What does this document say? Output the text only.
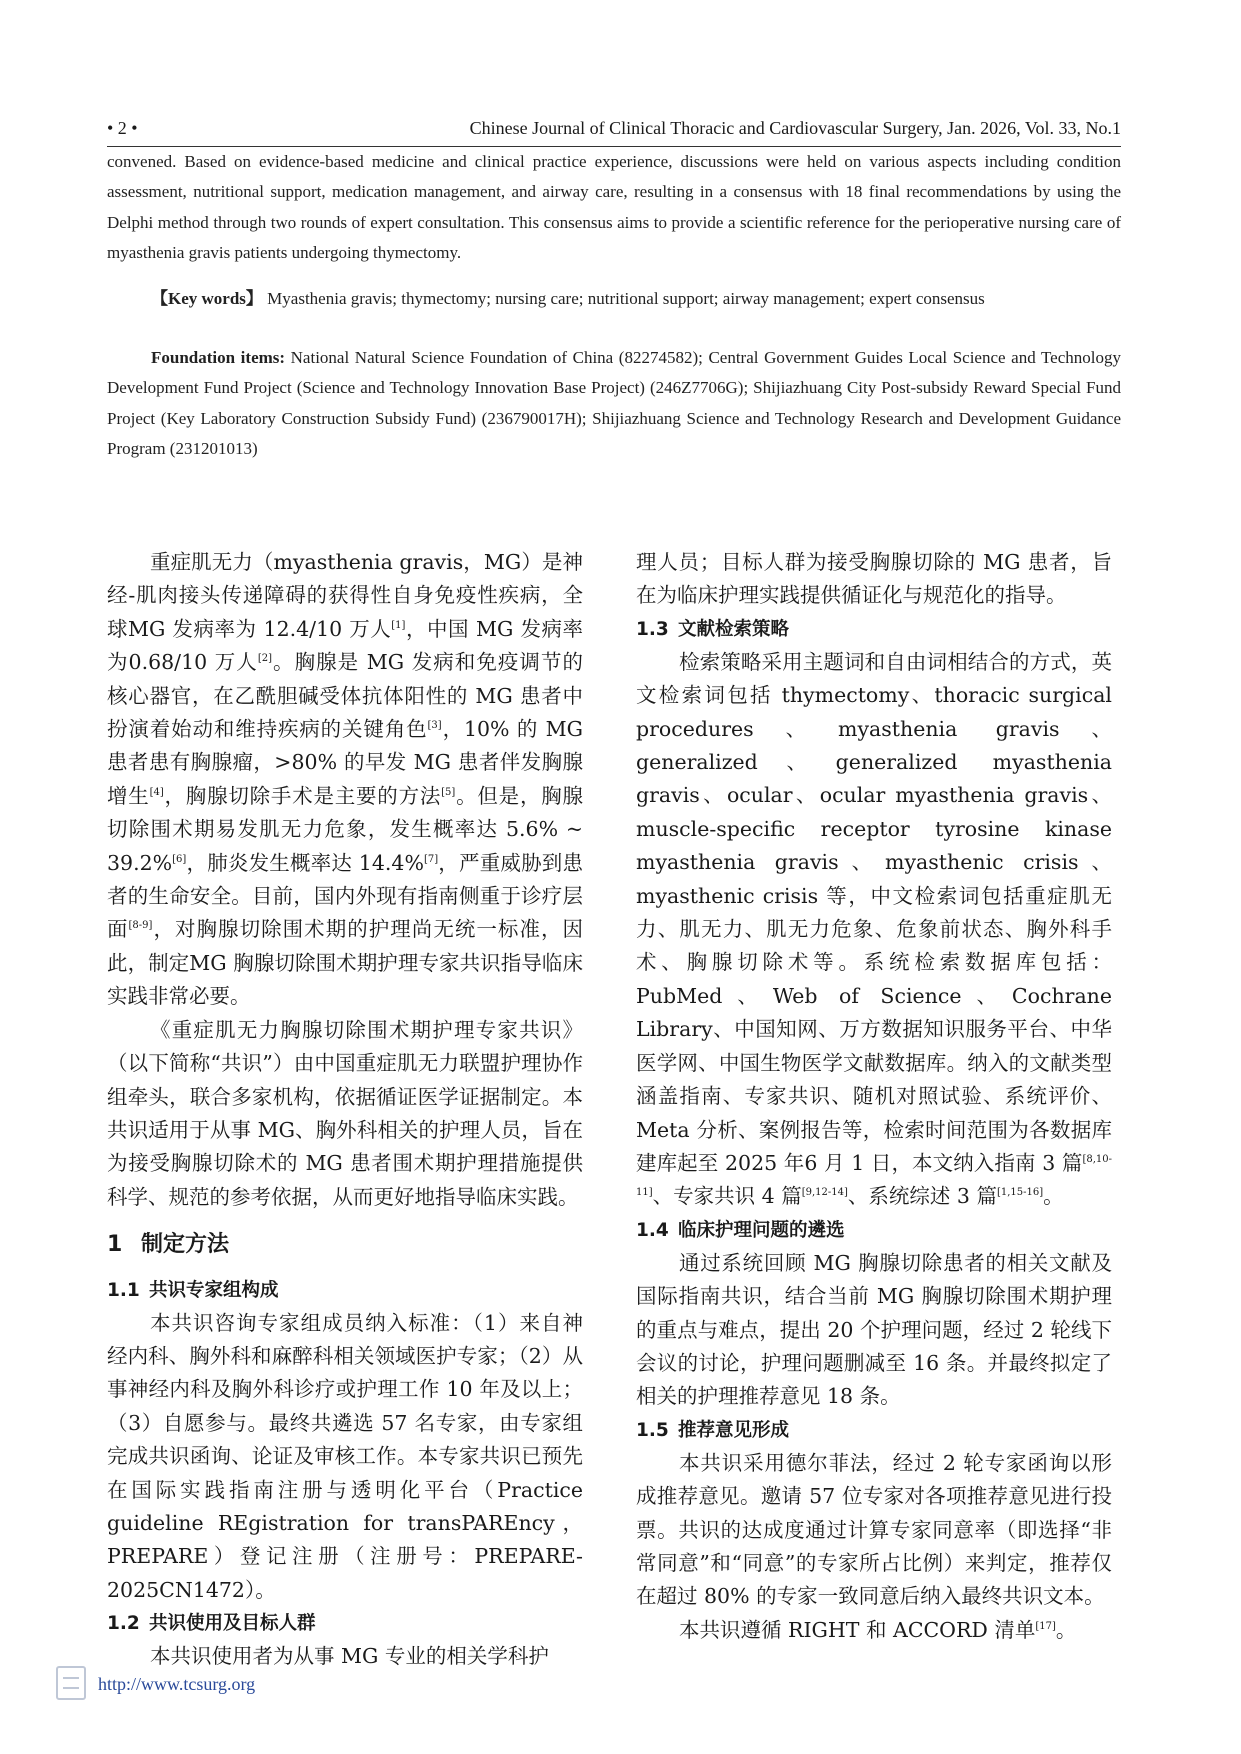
• 2 •	Chinese Journal of Clinical Thoracic and Cardiovascular Surgery, Jan. 2026, Vol. 33, No.1

convened. Based on evidence-based medicine and clinical practice experience, discussions were held on various aspects including condition assessment, nutritional support, medication management, and airway care, resulting in a consensus with 18 final recommendations by using the Delphi method through two rounds of expert consultation. This consensus aims to provide a scientific reference for the perioperative nursing care of myasthenia gravis patients undergoing thymectomy.

【Key words】 Myasthenia gravis; thymectomy; nursing care; nutritional support; airway management; expert consensus

Foundation items: National Natural Science Foundation of China (82274582); Central Government Guides Local Science and Technology Development Fund Project (Science and Technology Innovation Base Project) (246Z7706G); Shijiazhuang City Post-subsidy Reward Special Fund Project (Key Laboratory Construction Subsidy Fund) (236790017H); Shijiazhuang Science and Technology Research and Development Guidance Program (231201013)

重症肌无力（myasthenia gravis，MG）是神经-肌肉接头传递障碍的获得性自身免疫性疾病，全球MG 发病率为 12.4/10 万人[1]，中国 MG 发病率为0.68/10 万人[2]。胸腺是 MG 发病和免疫调节的核心器官，在乙酰胆碱受体抗体阳性的 MG 患者中扮演着始动和维持疾病的关键角色[3]，10% 的 MG 患者患有胸腺瘤，>80% 的早发 MG 患者伴发胸腺增生[4]，胸腺切除手术是主要的方法[5]。但是，胸腺切除围术期易发肌无力危象，发生概率达 5.6% ~ 39.2%[6]，肺炎发生概率达 14.4%[7]，严重威胁到患者的生命安全。目前，国内外现有指南侧重于诊疗层面[8-9]，对胸腺切除围术期的护理尚无统一标准，因此，制定MG 胸腺切除围术期护理专家共识指导临床实践非常必要。

《重症肌无力胸腺切除围术期护理专家共识》（以下简称“共识”）由中国重症肌无力联盟护理协作组牵头，联合多家机构，依据循证医学证据制定。本共识适用于从事 MG、胸外科相关的护理人员，旨在为接受胸腺切除术的 MG 患者围术期护理措施提供科学、规范的参考依据，从而更好地指导临床实践。

1 制定方法
1.1 共识专家组构成

本共识咨询专家组成员纳入标准：（1）来自神经内科、胸外科和麻醉科相关领域医护专家；（2）从事神经内科及胸外科诊疗或护理工作 10 年及以上；（3）自愿参与。最终共遴选 57 名专家，由专家组完成共识函询、论证及审核工作。本专家共识已预先在国际实践指南注册与透明化平台（Practice guideline REgistration for transPAREncy，PREPARE）登记注册（注册号：PREPARE-2025CN1472）。

1.2 共识使用及目标人群

本共识使用者为从事 MG 专业的相关学科护

理人员；目标人群为接受胸腺切除的 MG 患者，旨在为临床护理实践提供循证化与规范化的指导。

1.3 文献检索策略

检索策略采用主题词和自由词相结合的方式，英文检索词包括 thymectomy、thoracic surgical procedures、myasthenia gravis、generalized、generalized myasthenia gravis、ocular、ocular myasthenia gravis、muscle-specific receptor tyrosine kinase myasthenia gravis、myasthenic crisis、myasthenic crisis 等，中文检索词包括重症肌无力、肌无力、肌无力危象、危象前状态、胸外科手术、胸腺切除术等。系统检索数据库包括：PubMed、Web of Science、Cochrane Library、中国知网、万方数据知识服务平台、中华医学网、中国生物医学文献数据库。纳入的文献类型涵盖指南、专家共识、随机对照试验、系统评价、Meta 分析、案例报告等，检索时间范围为各数据库建库起至 2025 年6 月 1 日，本文纳入指南 3 篇[8,10-11]、专家共识 4 篇[9,12-14]、系统综述 3 篇[1,15-16]。

1.4 临床护理问题的遴选

通过系统回顾 MG 胸腺切除患者的相关文献及国际指南共识，结合当前 MG 胸腺切除围术期护理的重点与难点，提出 20 个护理问题，经过 2 轮线下会议的讨论，护理问题删减至 16 条。并最终拟定了相关的护理推荐意见 18 条。

1.5 推荐意见形成

本共识采用德尔菲法，经过 2 轮专家函询以形成推荐意见。邀请 57 位专家对各项推荐意见进行投票。共识的达成度通过计算专家同意率（即选择“非常同意”和“同意”的专家所占比例）来判定，推荐仅在超过 80% 的专家一致同意后纳入最终共识文本。

本共识遵循 RIGHT 和 ACCORD 清单[17]。

http://www.tcsurg.org
